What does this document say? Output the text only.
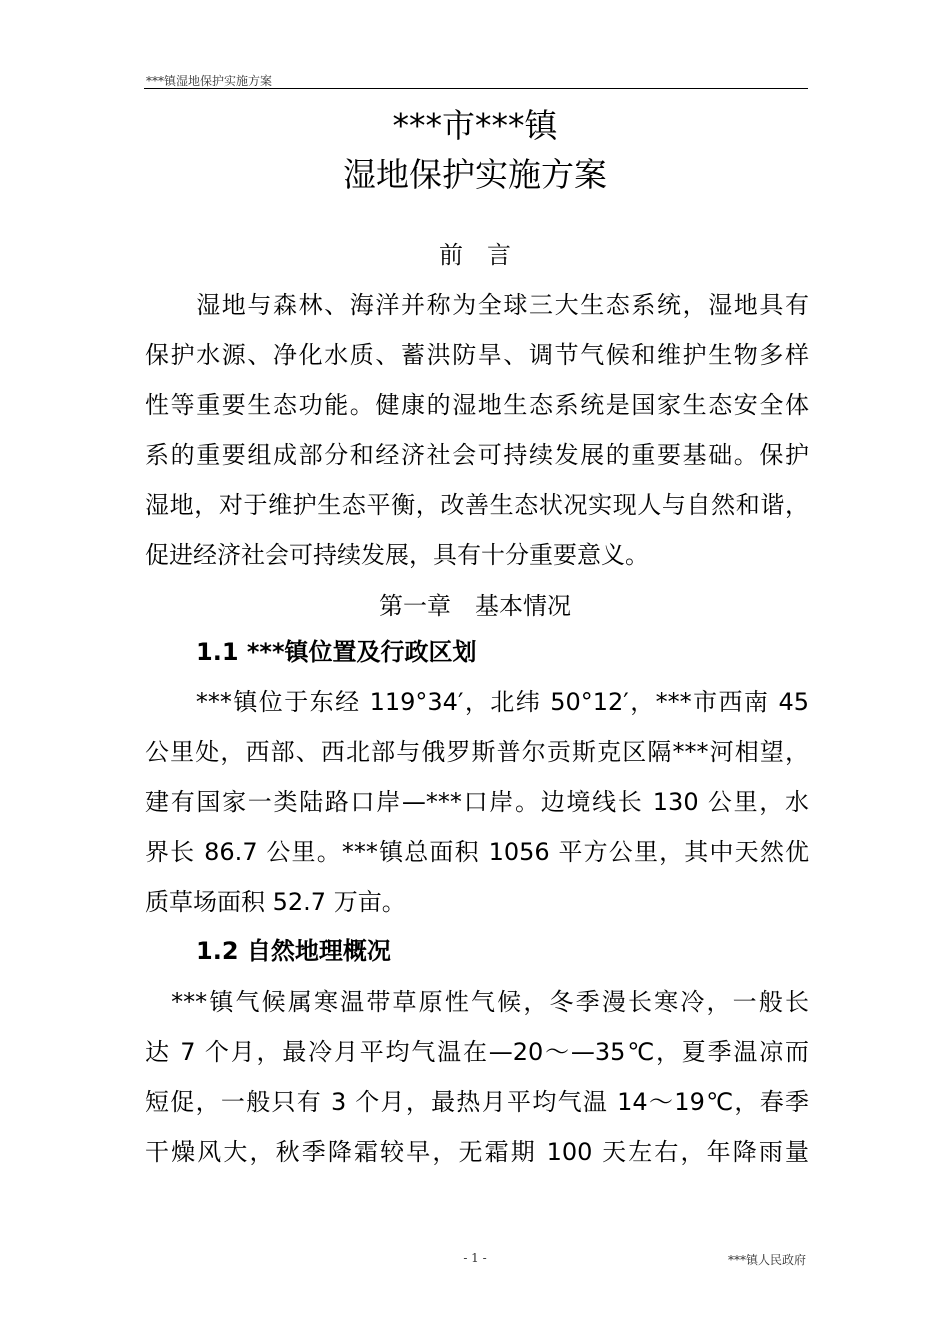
***镇湿地保护实施方案
***市***镇
湿地保护实施方案
前　言
　　湿地与森林、海洋并称为全球三大生态系统，湿地具有
保护水源、净化水质、蓄洪防旱、调节气候和维护生物多样
性等重要生态功能。健康的湿地生态系统是国家生态安全体
系的重要组成部分和经济社会可持续发展的重要基础。保护
湿地，对于维护生态平衡，改善生态状况实现人与自然和谐，
促进经济社会可持续发展，具有十分重要意义。
第一章　基本情况
1.1 ***镇位置及行政区划
　　***镇位于东经 119°34′，北纬 50°12′，***市西南 45
公里处，西部、西北部与俄罗斯普尔贡斯克区隔***河相望，
建有国家一类陆路口岸—***口岸。边境线长 130 公里，水
界长 86.7 公里。***镇总面积 1056 平方公里，其中天然优
质草场面积 52.7 万亩。
1.2 自然地理概况
　***镇气候属寒温带草原性气候，冬季漫长寒冷，一般长
达 7 个月，最冷月平均气温在—20～—35℃，夏季温凉而
短促，一般只有 3 个月，最热月平均气温 14～19℃，春季
干燥风大，秋季降霜较早，无霜期 100 天左右，年降雨量
- 1 -	***镇人民政府
